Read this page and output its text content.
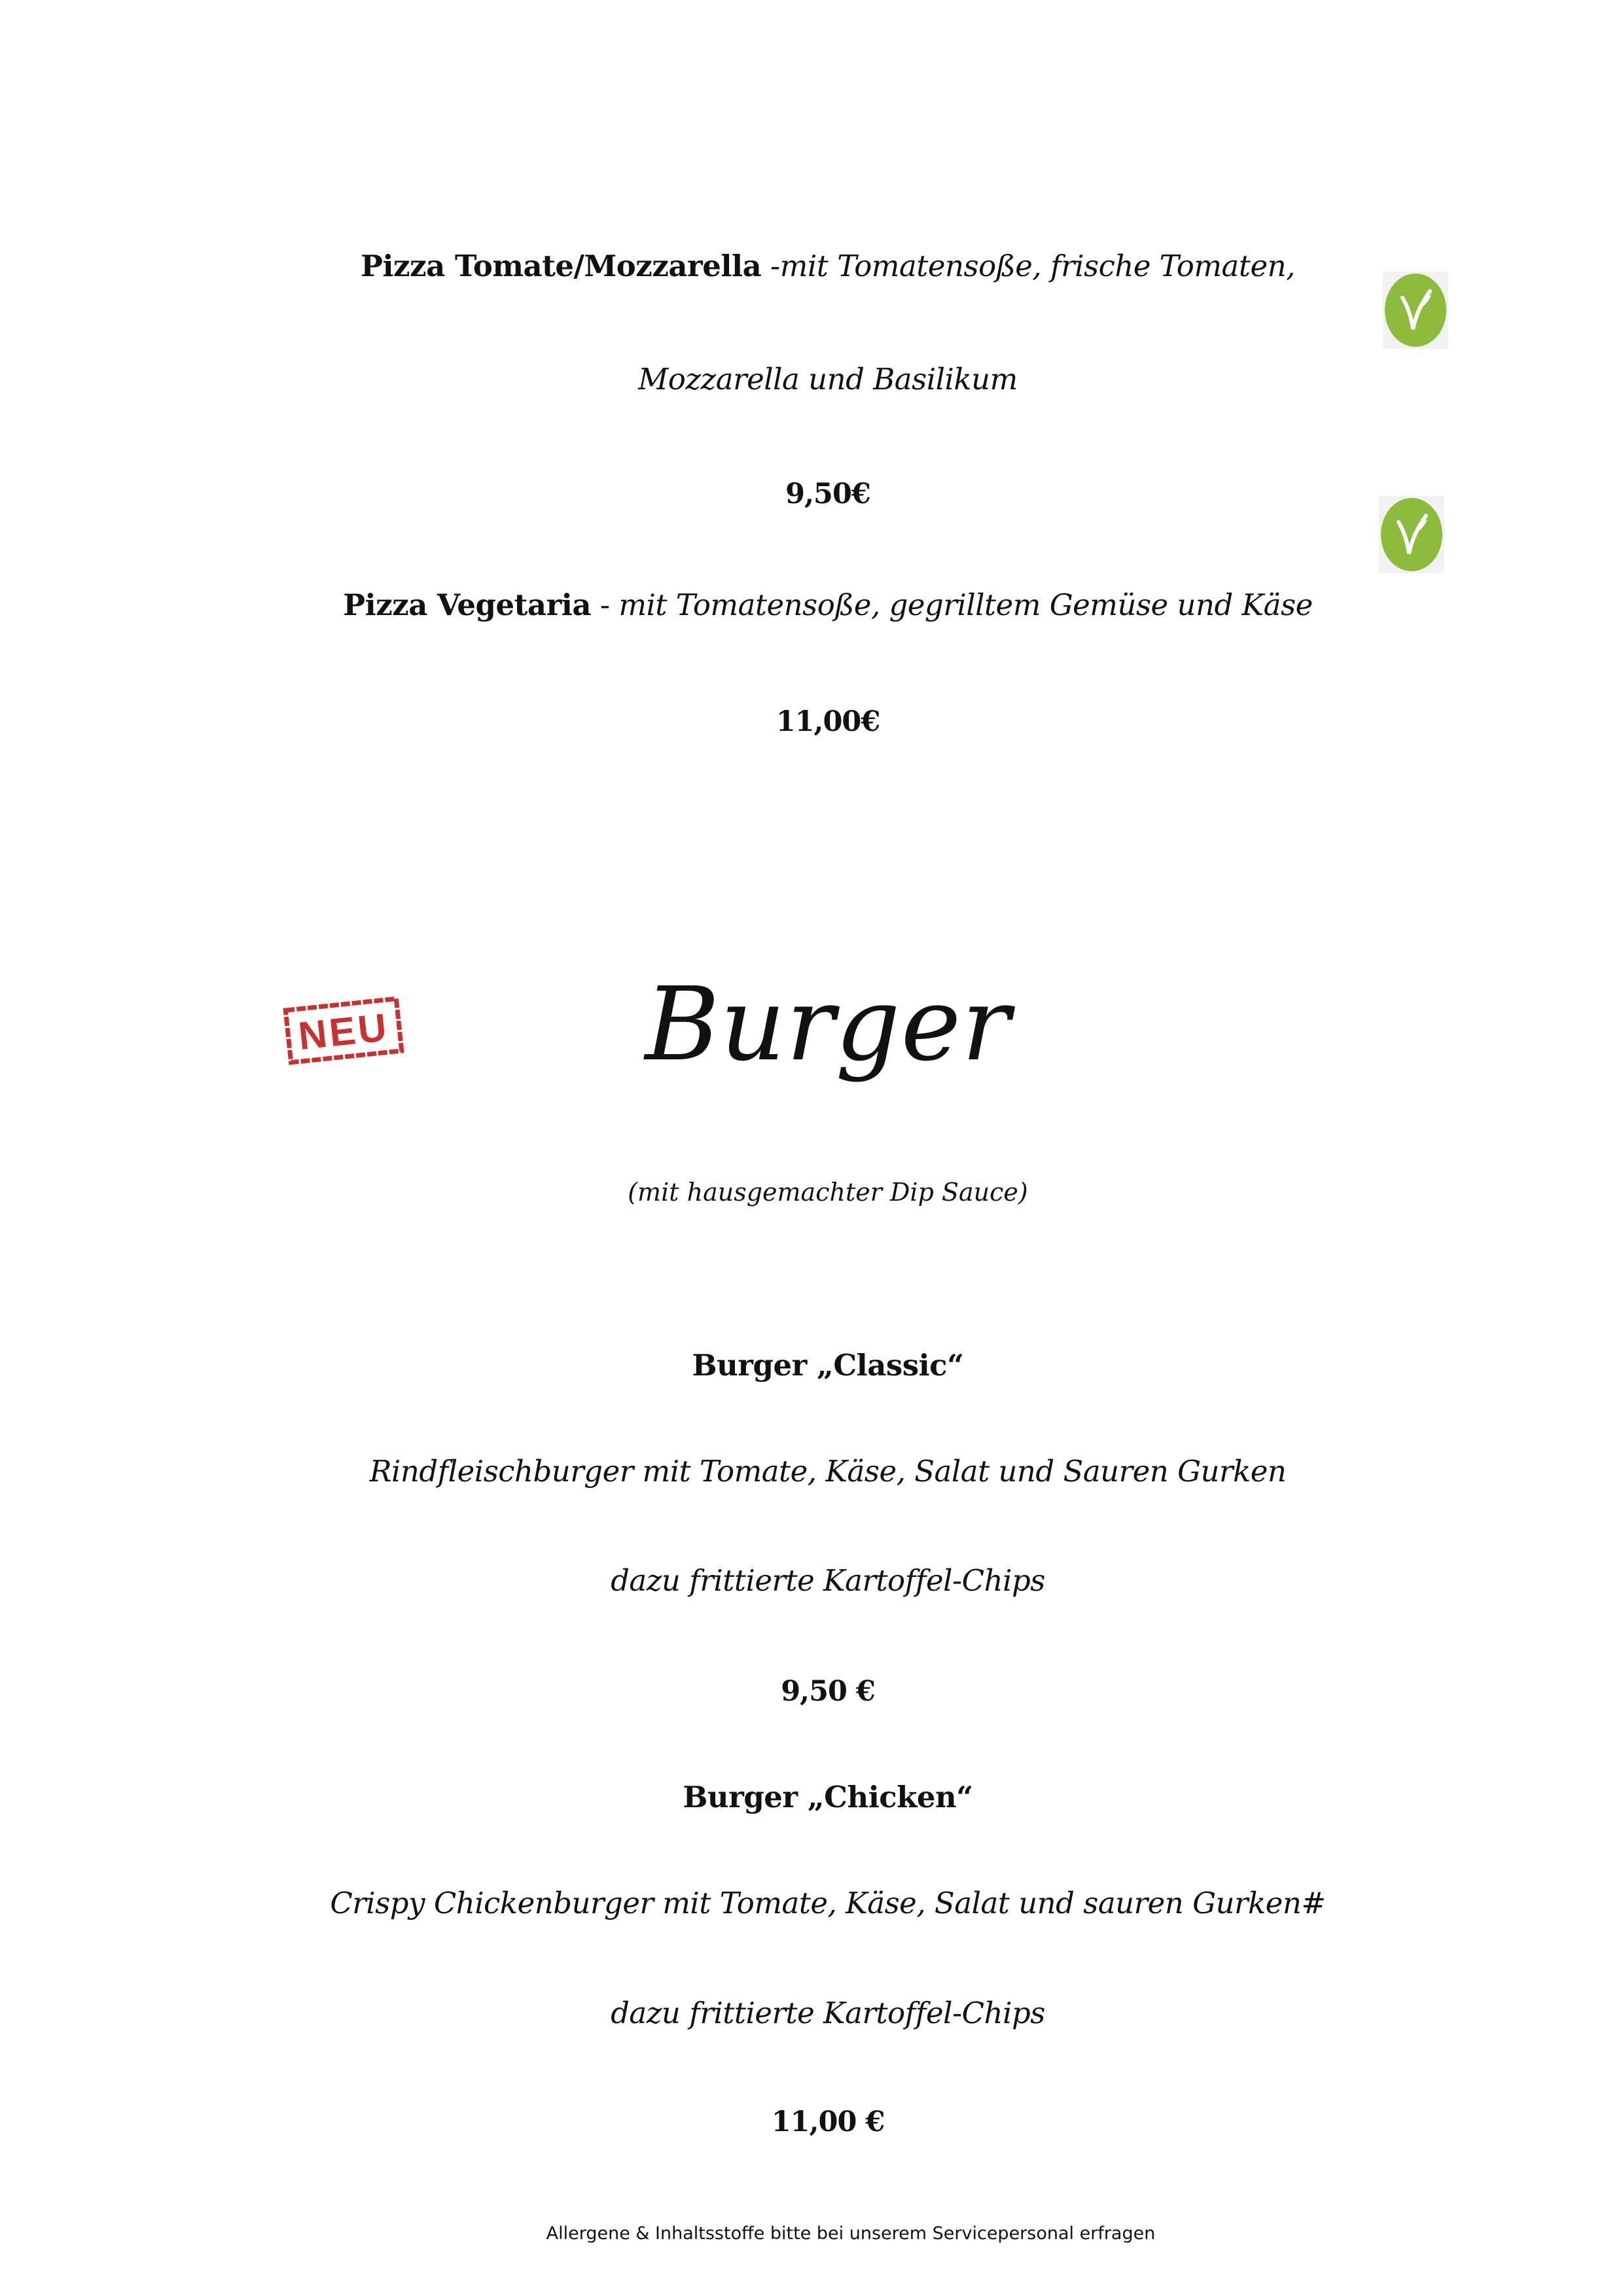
Pizza Tomate/Mozzarella -mit Tomatensoße, frische Tomaten,
Mozzarella und Basilikum
9,50€
Pizza Vegetaria - mit Tomatensoße, gegrilltem Gemüse und Käse
11,00€
NEU	Burger
(mit hausgemachter Dip Sauce)
Burger „Classic“
Rindfleischburger mit Tomate, Käse, Salat und Sauren Gurken
dazu frittierte Kartoffel-Chips
9,50 €
Burger „Chicken“
Crispy Chickenburger mit Tomate, Käse, Salat und sauren Gurken#
dazu frittierte Kartoffel-Chips
11,00 €
Allergene & Inhaltsstoffe bitte bei unserem Servicepersonal erfragen
